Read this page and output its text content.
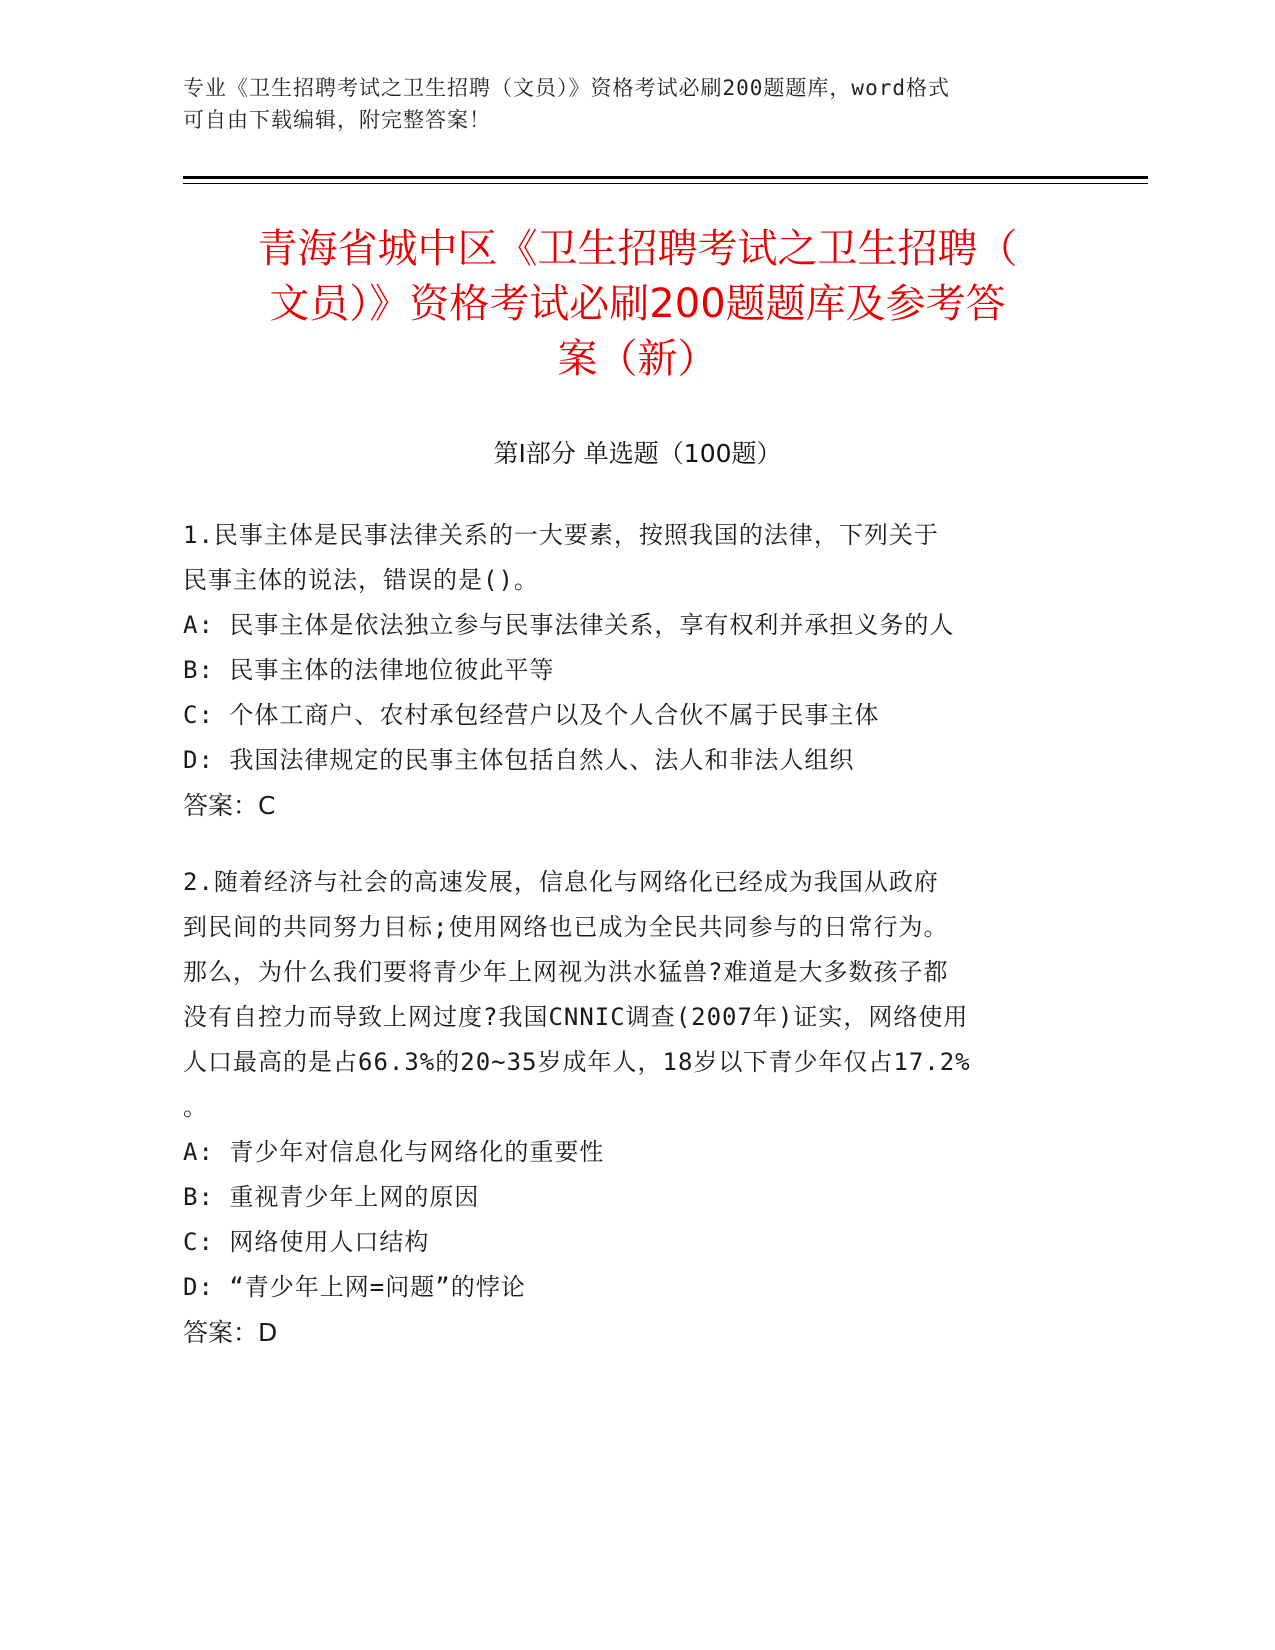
专业《卫生招聘考试之卫生招聘（文员）》资格考试必刷200题题库，word格式
可自由下载编辑，附完整答案！
青海省城中区《卫生招聘考试之卫生招聘（
文员）》资格考试必刷200题题库及参考答
案（新）
第Ⅰ部分 单选题（100题）
1.民事主体是民事法律关系的一大要素，按照我国的法律，下列关于
民事主体的说法，错误的是()。
A: 民事主体是依法独立参与民事法律关系，享有权利并承担义务的人
B: 民事主体的法律地位彼此平等
C: 个体工商户、农村承包经营户以及个人合伙不属于民事主体
D: 我国法律规定的民事主体包括自然人、法人和非法人组织
答案：C
2.随着经济与社会的高速发展，信息化与网络化已经成为我国从政府
到民间的共同努力目标;使用网络也已成为全民共同参与的日常行为。
那么，为什么我们要将青少年上网视为洪水猛兽?难道是大多数孩子都
没有自控力而导致上网过度?我国CNNIC调查(2007年)证实，网络使用
人口最高的是占66.3%的20~35岁成年人，18岁以下青少年仅占17.2%
。
A: 青少年对信息化与网络化的重要性
B: 重视青少年上网的原因
C: 网络使用人口结构
D: “青少年上网=问题”的悖论
答案：D
